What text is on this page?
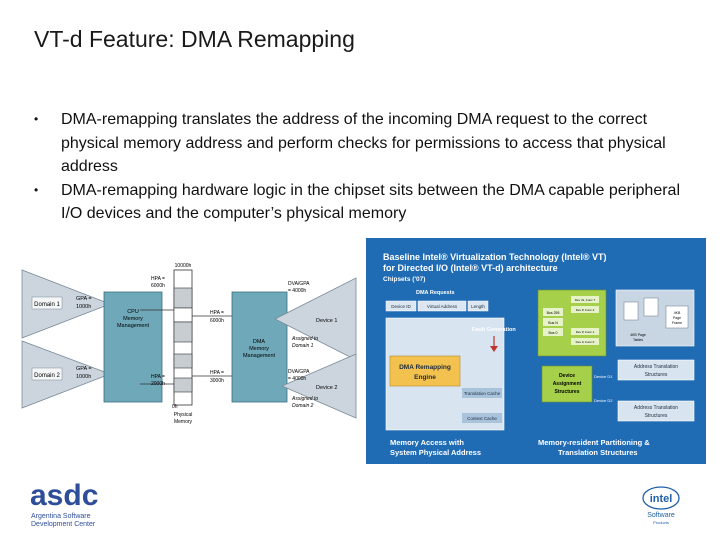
VT-d Feature: DMA Remapping
•	DMA-remapping translates the address of the incoming DMA request to the correct physical memory address and perform checks for permissions to access that physical address
•	DMA-remapping hardware logic in the chipset sits between the DMA capable peripheral I/O devices and the computer’s physical memory
Domain 1
Domain 2
GPA =
1000h
GPA =
1000h
CPU
Memory
Management
HPA =
6000h
HPA =
2000h
10000h
0h
Physical
Memory
HPA =
6000h
HPA =
3000h
DMA
Memory
Management
DVA/GPA
= 4000h
DVA/GPA
= 4000h
Device 1
Device 2
Assigned to
Domain 1
Assigned to
Domain 2
Baseline Intel® Virtualization Technology (Intel® VT)
for Directed I/O (Intel® VT-d) architecture
Chipsets ('07)
DMA Requests
Device ID	Virtual Address	Length
Bus 255
Bus N
Bus 0
Dev 31, Func 7
Dev P, Func 2
Dev P, Func 1
Dev 0, Func 0
4KB
Page
Frame
4KB Page
Tables
DMA Remapping
Engine
Translation Cache
Context Cache
Fault Generation
Device
Assignment
Structures
Device D1
Device D2
Address Translation
Structures
Address Translation
Structures
Memory Access with
System Physical Address
Memory-resident Partitioning &
Translation Structures
asdc
Argentina Software
Development Center
intel
Software
Products
